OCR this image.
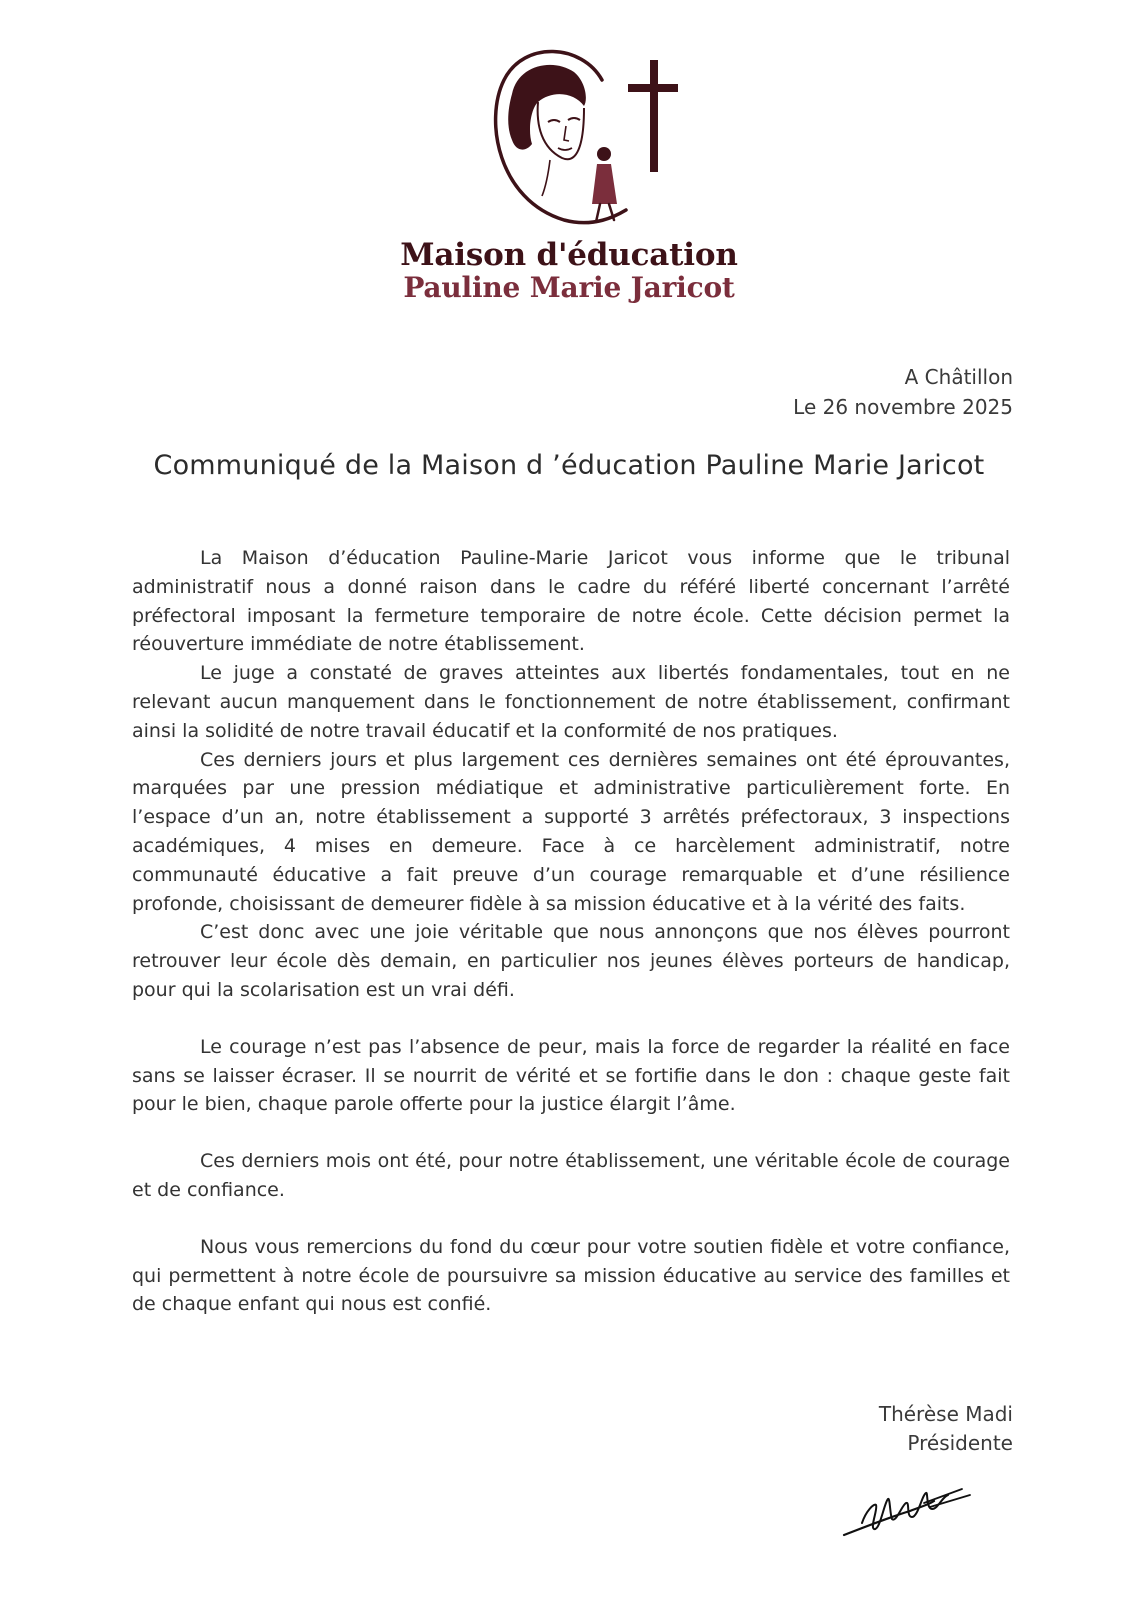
Maison d'éducation
Pauline Marie Jaricot
A Châtillon
Le 26 novembre 2025
Communiqué de la Maison d ’éducation Pauline Marie Jaricot

La Maison d’éducation Pauline-Marie Jaricot vous informe que le tribunal administratif nous a donné raison dans le cadre du référé liberté concernant l’arrêté préfectoral imposant la fermeture temporaire de notre école. Cette décision permet la réouverture immédiate de notre établissement.

Le juge a constaté de graves atteintes aux libertés fondamentales, tout en ne relevant aucun manquement dans le fonctionnement de notre établissement, confirmant ainsi la solidité de notre travail éducatif et la conformité de nos pratiques.

Ces derniers jours et plus largement ces dernières semaines ont été éprouvantes, marquées par une pression médiatique et administrative particulièrement forte. En l’espace d’un an, notre établissement a supporté 3 arrêtés préfectoraux, 3 inspections académiques, 4 mises en demeure. Face à ce harcèlement administratif, notre communauté éducative a fait preuve d’un courage remarquable et d’une résilience profonde, choisissant de demeurer fidèle à sa mission éducative et à la vérité des faits.

C’est donc avec une joie véritable que nous annonçons que nos élèves pourront retrouver leur école dès demain, en particulier nos jeunes élèves porteurs de handicap, pour qui la scolarisation est un vrai défi.

Le courage n’est pas l’absence de peur, mais la force de regarder la réalité en face sans se laisser écraser. Il se nourrit de vérité et se fortifie dans le don : chaque geste fait pour le bien, chaque parole offerte pour la justice élargit l’âme.

Ces derniers mois ont été, pour notre établissement, une véritable école de courage et de confiance.

Nous vous remercions du fond du cœur pour votre soutien fidèle et votre confiance, qui permettent à notre école de poursuivre sa mission éducative au service des familles et de chaque enfant qui nous est confié.

Thérèse Madi
Présidente
